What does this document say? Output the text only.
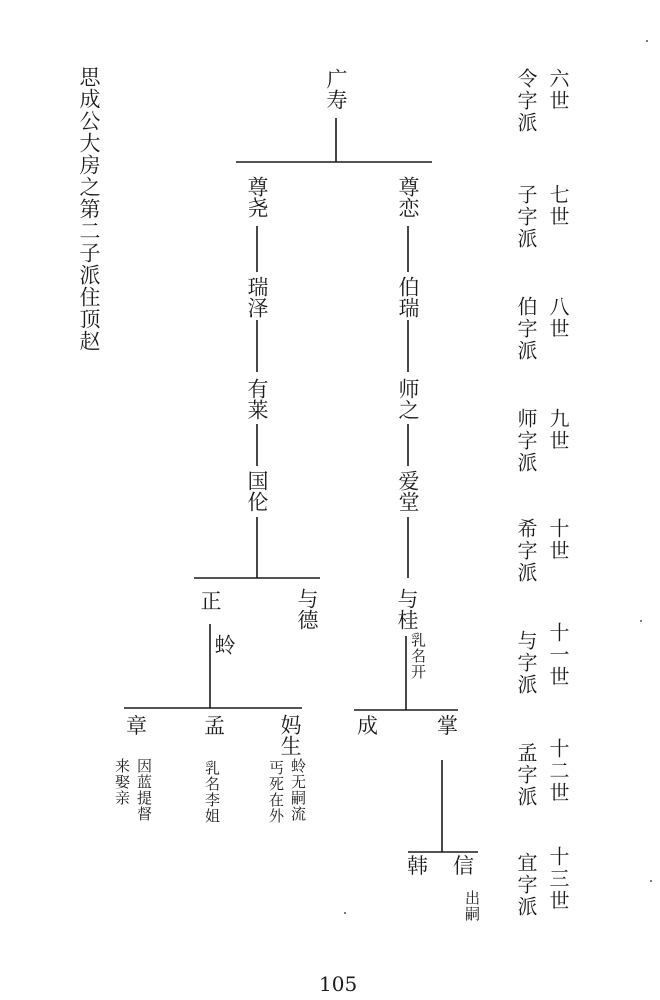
思成公大房之第二子派住顶赵	六世
令字派
七世
子字派
八世
伯字派
九世
师字派
十世
希字派
十一世
与字派
十二世
孟字派
十三世
宜字派
广寿
尊尧	尊恋
瑞泽	伯瑞
有莱	师之
国伦	爱堂
正	与德	与桂
乳名开
蛉
章	孟	妈生	成	掌
因蓝提督
来娶亲	乳名李姐	蛉无嗣流
丐死在外
韩 信
出嗣
105
